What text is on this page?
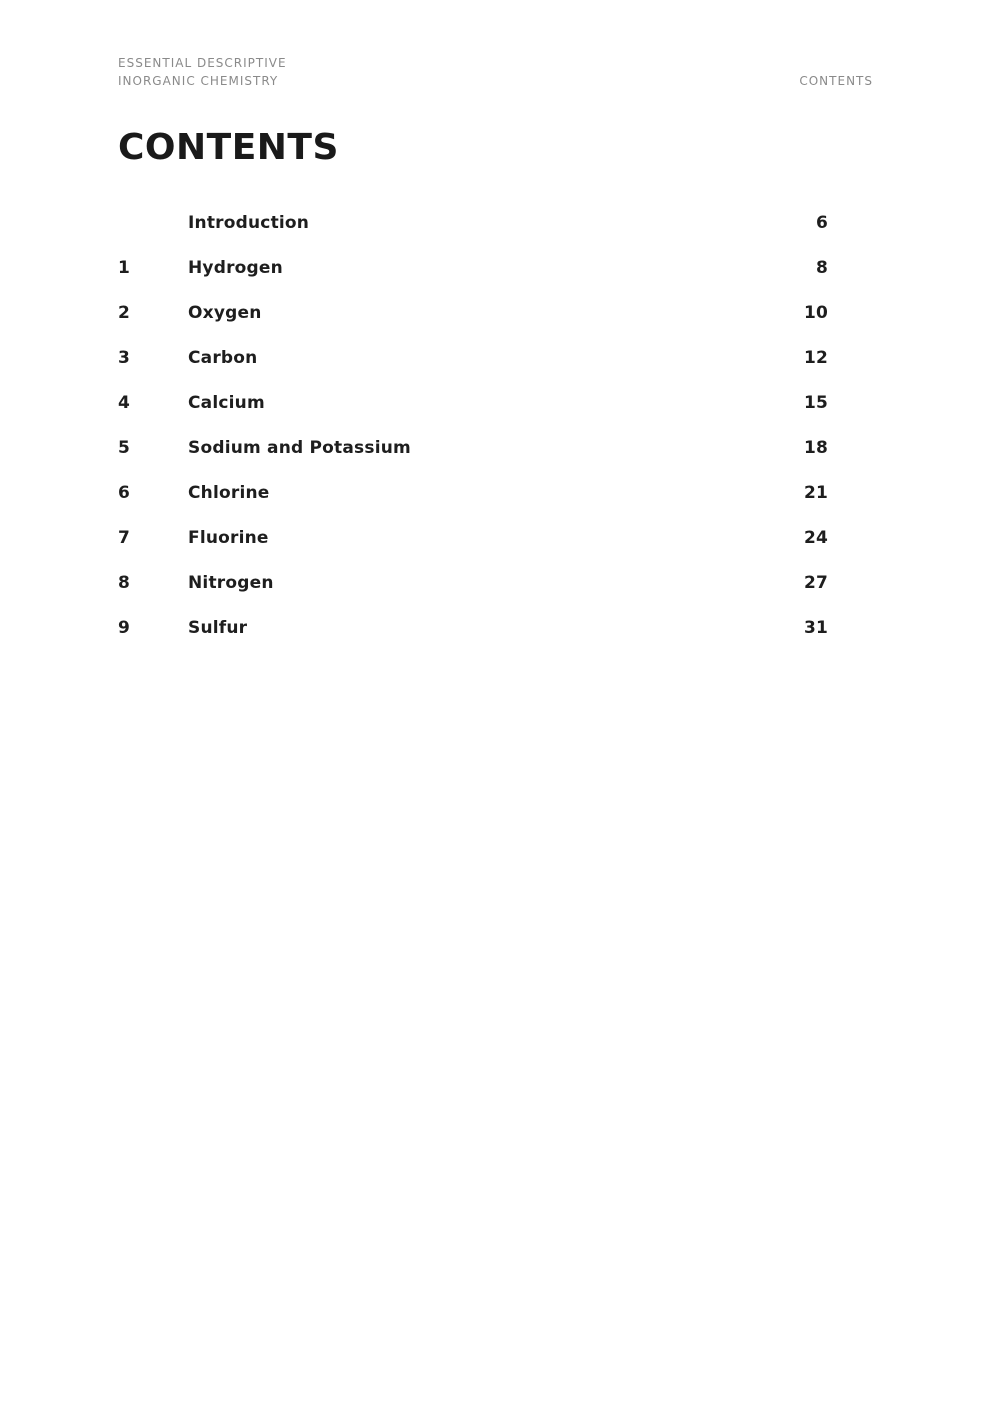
ESSENTIAL DESCRIPTIVE
INORGANIC CHEMISTRY	CONTENTS
CONTENTS
Introduction	6
1	Hydrogen	8
2	Oxygen	10
3	Carbon	12
4	Calcium	15
5	Sodium and Potassium	18
6	Chlorine	21
7	Fluorine	24
8	Nitrogen	27
9	Sulfur	31
